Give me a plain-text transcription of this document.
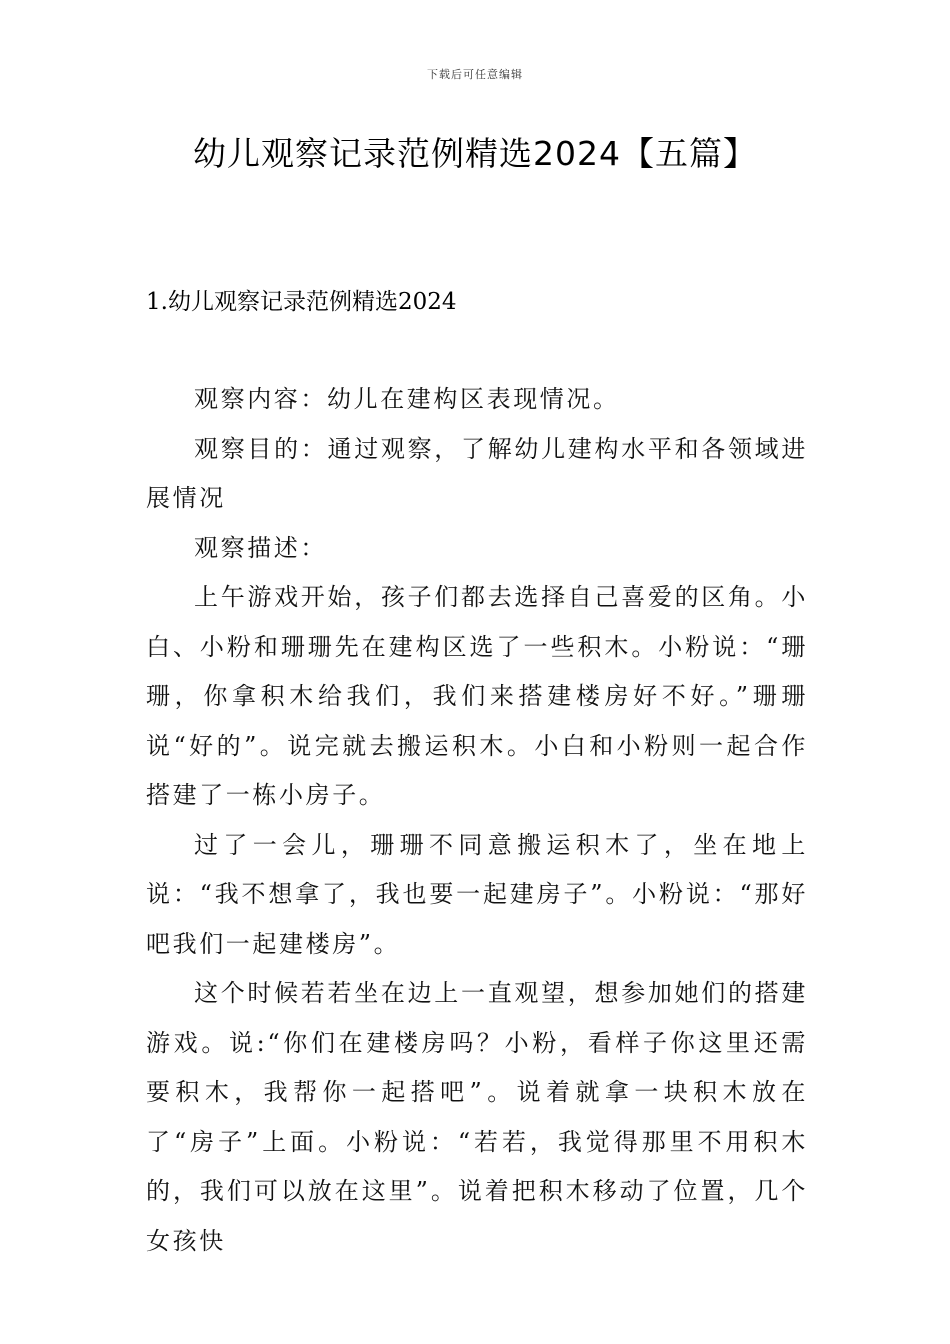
下载后可任意编辑
幼儿观察记录范例精选2024【五篇】
1.幼儿观察记录范例精选2024

观察内容：幼儿在建构区表现情况。

观察目的：通过观察，了解幼儿建构水平和各领域进展情况

观察描述：

上午游戏开始，孩子们都去选择自己喜爱的区角。小白、小粉和珊珊先在建构区选了一些积木。小粉说：“珊珊，你拿积木给我们，我们来搭建楼房好不好。”珊珊说“好的”。说完就去搬运积木。小白和小粉则一起合作搭建了一栋小房子。

过了一会儿，珊珊不同意搬运积木了，坐在地上说：“我不想拿了，我也要一起建房子”。小粉说：“那好吧我们一起建楼房”。

这个时候若若坐在边上一直观望，想参加她们的搭建游戏。说:“你们在建楼房吗？小粉，看样子你这里还需要积木，我帮你一起搭吧”。说着就拿一块积木放在了“房子”上面。小粉说：“若若，我觉得那里不用积木的，我们可以放在这里”。说着把积木移动了位置，几个女孩快
